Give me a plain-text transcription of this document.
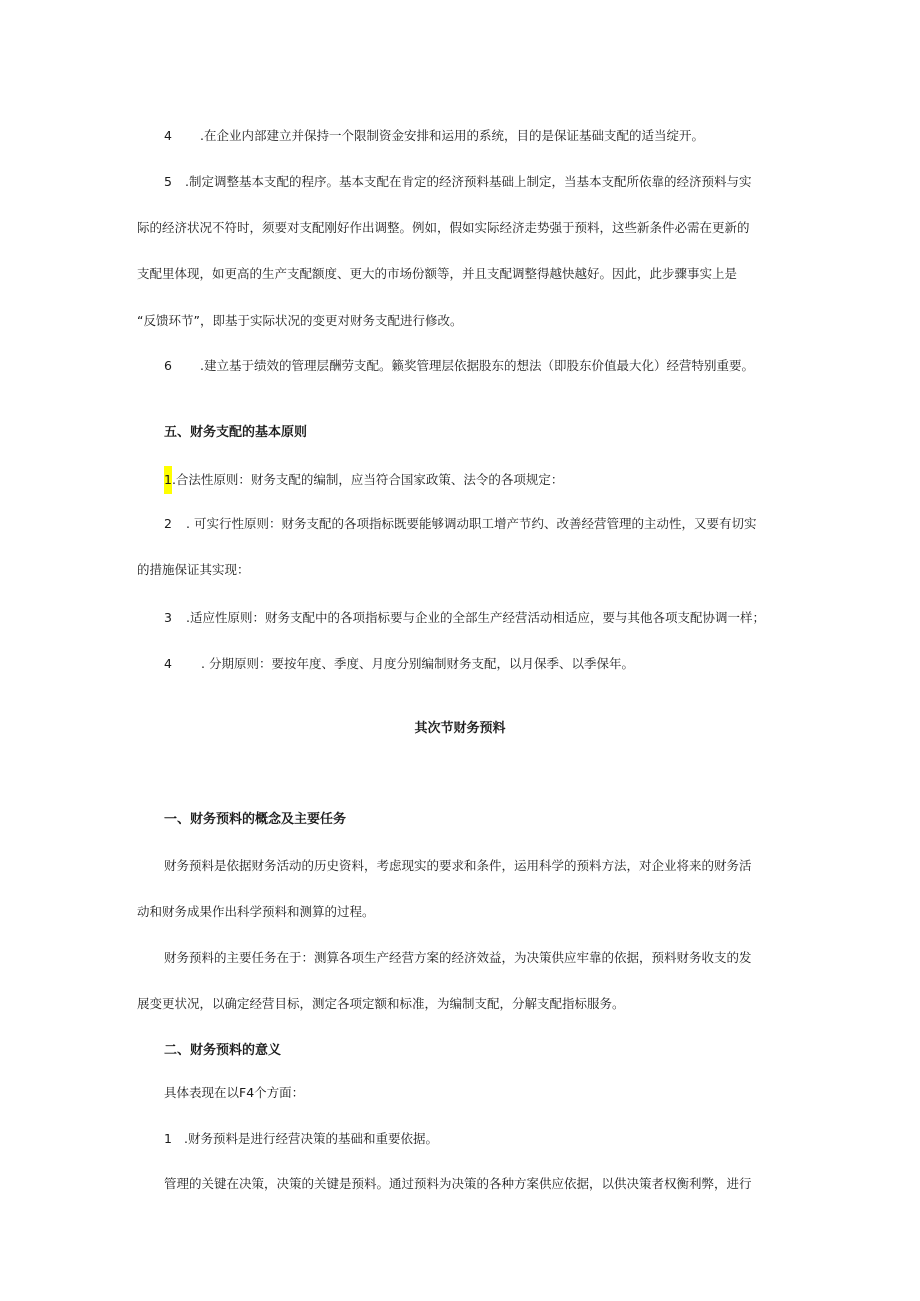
4 .在企业内部建立并保持一个限制资金安排和运用的系统，目的是保证基础支配的适当绽开。
5 .制定调整基本支配的程序。基本支配在肯定的经济预料基础上制定，当基本支配所依靠的经济预料与实
际的经济状况不符时，须要对支配刚好作出调整。例如，假如实际经济走势强于预料，这些新条件必需在更新的
支配里体现，如更高的生产支配额度、更大的市场份额等，并且支配调整得越快越好。因此，此步骤事实上是
“反馈环节”，即基于实际状况的变更对财务支配进行修改。
6 .建立基于绩效的管理层酬劳支配。籁奖管理层依据股东的想法（即股东价值最大化）经营特别重要。
五、财务支配的基本原则
1.合法性原则：财务支配的编制，应当符合国家政策、法令的各项规定：
2 . 可实行性原则：财务支配的各项指标既要能够调动职工增产节约、改善经营管理的主动性，又要有切实
的措施保证其实现：
3 .适应性原则：财务支配中的各项指标要与企业的全部生产经营活动相适应，要与其他各项支配协调一样；
4 . 分期原则：要按年度、季度、月度分别编制财务支配，以月保季、以季保年。
其次节财务预料
一、财务预料的概念及主要任务
财务预料是依据财务活动的历史资料，考虑现实的要求和条件，运用科学的预料方法，对企业将来的财务活
动和财务成果作出科学预料和测算的过程。
财务预料的主要任务在于：测算各项生产经营方案的经济效益，为决策供应牢靠的依据，预料财务收支的发
展变更状况，以确定经营目标，测定各项定额和标准，为编制支配，分解支配指标服务。
二、财务预料的意义
具体表现在以F4个方面：
1 .财务预料是进行经营决策的基础和重要依据。
管理的关键在决策，决策的关键是预料。通过预料为决策的各种方案供应依据，以供决策者权衡利弊，进行
